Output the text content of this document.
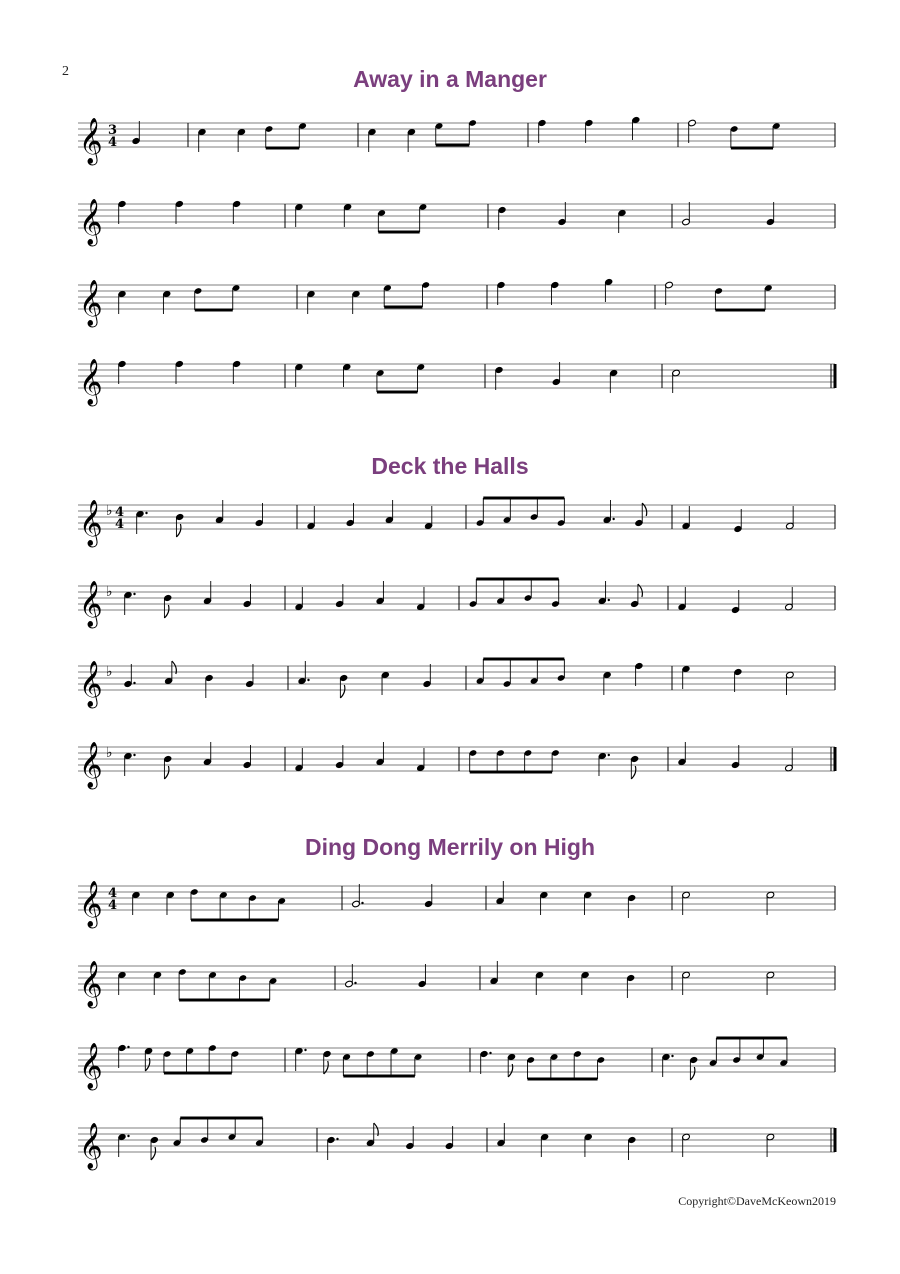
2	Away in a Manger
Deck the Halls
Ding Dong Merrily on High
𝄞 3
4
𝄞
𝄞
𝄞
𝄞 ♭ 4
4
𝄞 ♭
𝄞 ♭
𝄞 ♭
𝄞 4
4
𝄞
𝄞
𝄞
Copyright©DaveMcKeown2019
